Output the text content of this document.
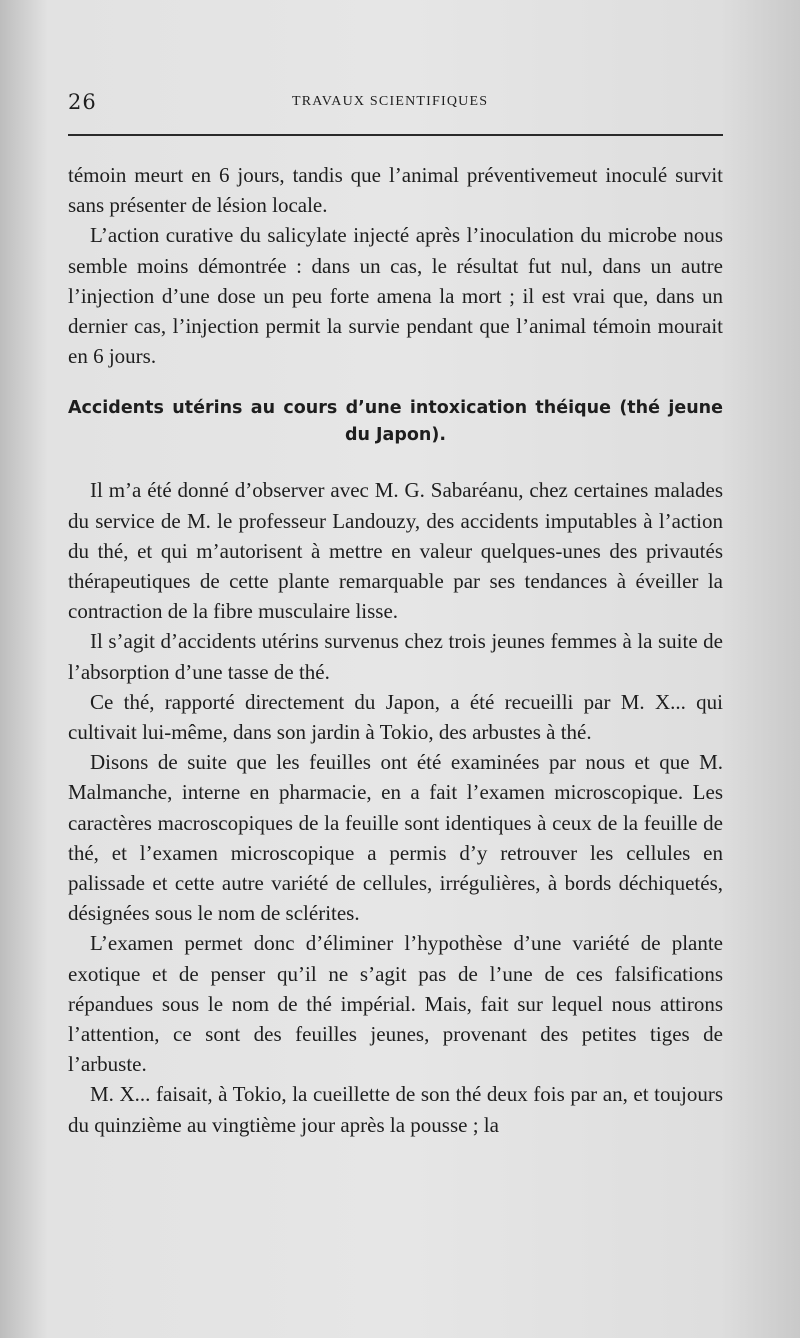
26	TRAVAUX SCIENTIFIQUES

témoin meurt en 6 jours, tandis que l’animal préventivemeut inoculé survit sans présenter de lésion locale.

L’action curative du salicylate injecté après l’inoculation du microbe nous semble moins démontrée : dans un cas, le résultat fut nul, dans un autre l’injection d’une dose un peu forte amena la mort ; il est vrai que, dans un dernier cas, l’injection permit la survie pendant que l’animal témoin mourait en 6 jours.

Accidents utérins au cours d’une intoxication théique (thé jeune du Japon).

Il m’a été donné d’observer avec M. G. Sabaréanu, chez certaines malades du service de M. le professeur Landouzy, des accidents imputables à l’action du thé, et qui m’autorisent à mettre en valeur quelques-unes des privautés thérapeutiques de cette plante remarquable par ses tendances à éveiller la contraction de la fibre musculaire lisse.

Il s’agit d’accidents utérins survenus chez trois jeunes femmes à la suite de l’absorption d’une tasse de thé.

Ce thé, rapporté directement du Japon, a été recueilli par M. X... qui cultivait lui-même, dans son jardin à Tokio, des arbustes à thé.

Disons de suite que les feuilles ont été examinées par nous et que M. Malmanche, interne en pharmacie, en a fait l’examen microscopique. Les caractères macroscopiques de la feuille sont identiques à ceux de la feuille de thé, et l’examen microscopique a permis d’y retrouver les cellules en palissade et cette autre variété de cellules, irrégulières, à bords déchiquetés, désignées sous le nom de sclérites.

L’examen permet donc d’éliminer l’hypothèse d’une variété de plante exotique et de penser qu’il ne s’agit pas de l’une de ces falsifications répandues sous le nom de thé impérial. Mais, fait sur lequel nous attirons l’attention, ce sont des feuilles jeunes, provenant des petites tiges de l’arbuste.

M. X... faisait, à Tokio, la cueillette de son thé deux fois par an, et toujours du quinzième au vingtième jour après la pousse ; la
